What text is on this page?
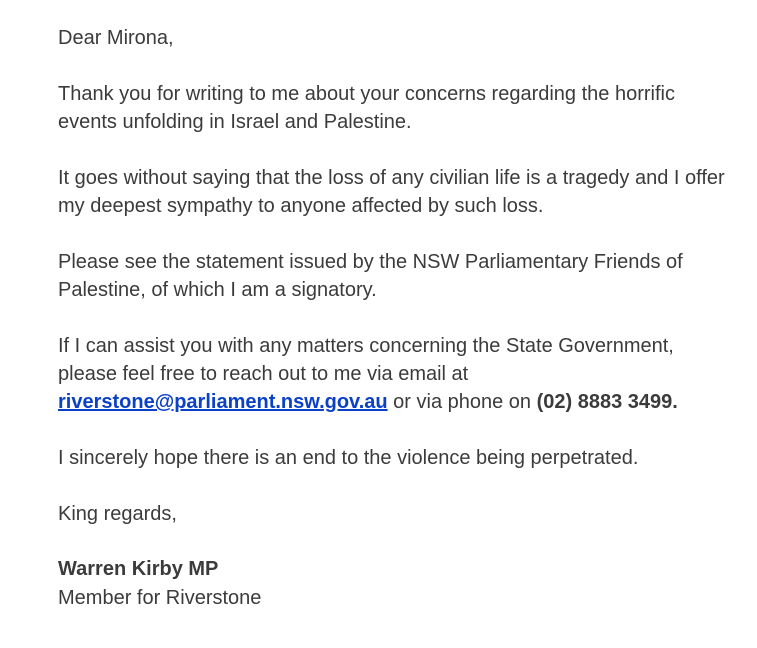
Dear Mirona,

Thank you for writing to me about your concerns regarding the horrific events unfolding in Israel and Palestine.

It goes without saying that the loss of any civilian life is a tragedy and I offer my deepest sympathy to anyone affected by such loss.

Please see the statement issued by the NSW Parliamentary Friends of Palestine, of which I am a signatory.

If I can assist you with any matters concerning the State Government, please feel free to reach out to me via email at riverstone@parliament.nsw.gov.au or via phone on (02) 8883 3499.

I sincerely hope there is an end to the violence being perpetrated.

King regards,

Warren Kirby MP
Member for Riverstone
